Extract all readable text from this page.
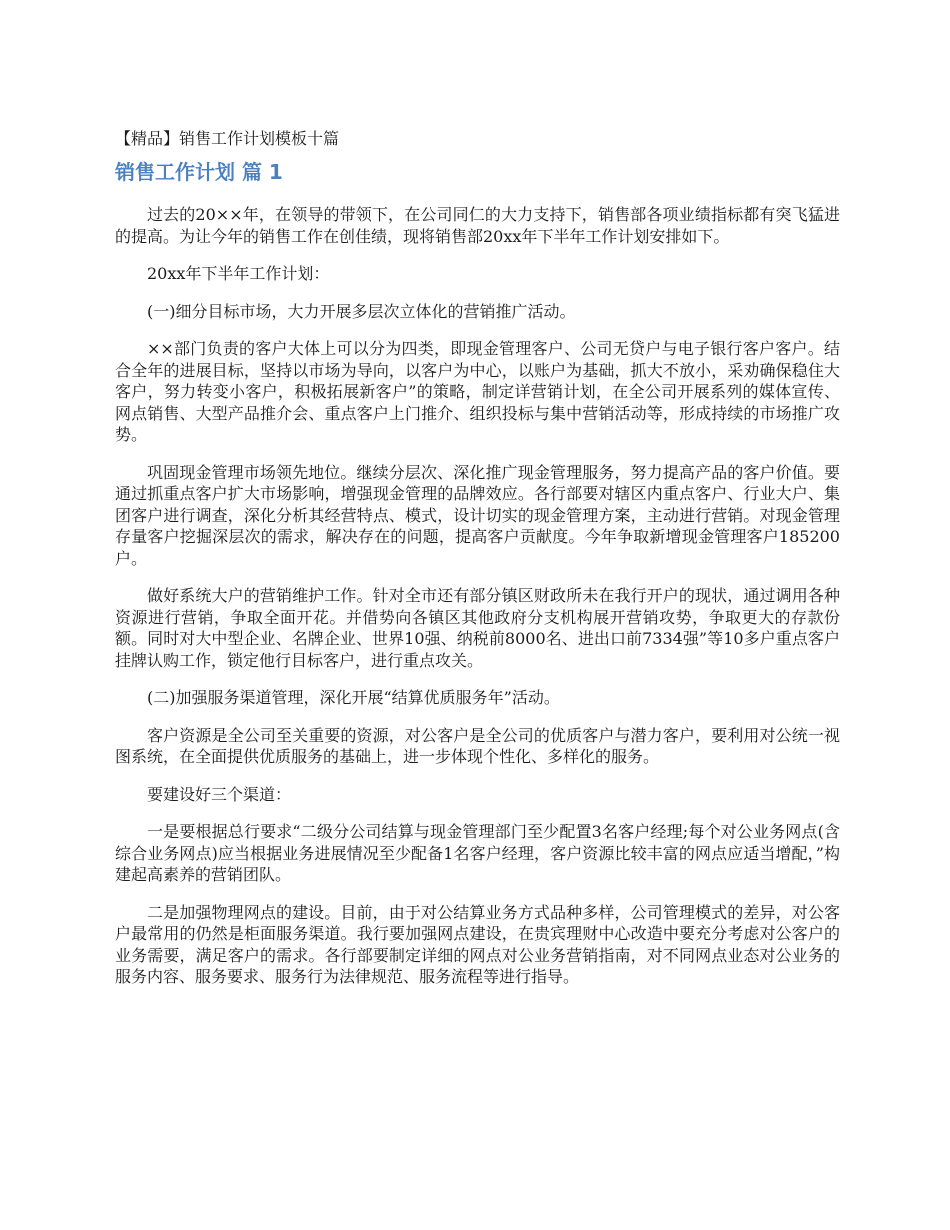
【精品】销售工作计划模板十篇
销售工作计划 篇 1

过去的20××年，在领导的带领下，在公司同仁的大力支持下，销售部各项业绩指标都有突飞猛进的提高。为让今年的销售工作在创佳绩，现将销售部20xx年下半年工作计划安排如下。

20xx年下半年工作计划：

(一)细分目标市场，大力开展多层次立体化的营销推广活动。

××部门负责的客户大体上可以分为四类，即现金管理客户、公司无贷户与电子银行客户客户。结合全年的进展目标，坚持以市场为导向，以客户为中心，以账户为基础，抓大不放小，采劝确保稳住大客户，努力转变小客户，积极拓展新客户”的策略，制定详营销计划，在全公司开展系列的媒体宣传、网点销售、大型产品推介会、重点客户上门推介、组织投标与集中营销活动等，形成持续的市场推广攻势。

巩固现金管理市场领先地位。继续分层次、深化推广现金管理服务，努力提高产品的客户价值。要通过抓重点客户扩大市场影响，增强现金管理的品牌效应。各行部要对辖区内重点客户、行业大户、集团客户进行调查，深化分析其经营特点、模式，设计切实的现金管理方案，主动进行营销。对现金管理存量客户挖掘深层次的需求，解决存在的问题，提高客户贡献度。今年争取新增现金管理客户185200户。

做好系统大户的营销维护工作。针对全市还有部分镇区财政所未在我行开户的现状，通过调用各种资源进行营销，争取全面开花。并借势向各镇区其他政府分支机构展开营销攻势，争取更大的存款份额。同时对大中型企业、名牌企业、世界10强、纳税前8000名、进出口前7334强”等10多户重点客户挂牌认购工作，锁定他行目标客户，进行重点攻关。

(二)加强服务渠道管理，深化开展“结算优质服务年”活动。

客户资源是全公司至关重要的资源，对公客户是全公司的优质客户与潜力客户，要利用对公统一视图系统，在全面提供优质服务的基础上，进一步体现个性化、多样化的服务。

要建设好三个渠道：

一是要根据总行要求“二级分公司结算与现金管理部门至少配置3名客户经理;每个对公业务网点(含综合业务网点)应当根据业务进展情况至少配备1名客户经理，客户资源比较丰富的网点应适当增配，”构建起高素养的营销团队。

二是加强物理网点的建设。目前，由于对公结算业务方式品种多样，公司管理模式的差异，对公客户最常用的仍然是柜面服务渠道。我行要加强网点建设，在贵宾理财中心改造中要充分考虑对公客户的业务需要，满足客户的需求。各行部要制定详细的网点对公业务营销指南，对不同网点业态对公业务的服务内容、服务要求、服务行为法律规范、服务流程等进行指导。
